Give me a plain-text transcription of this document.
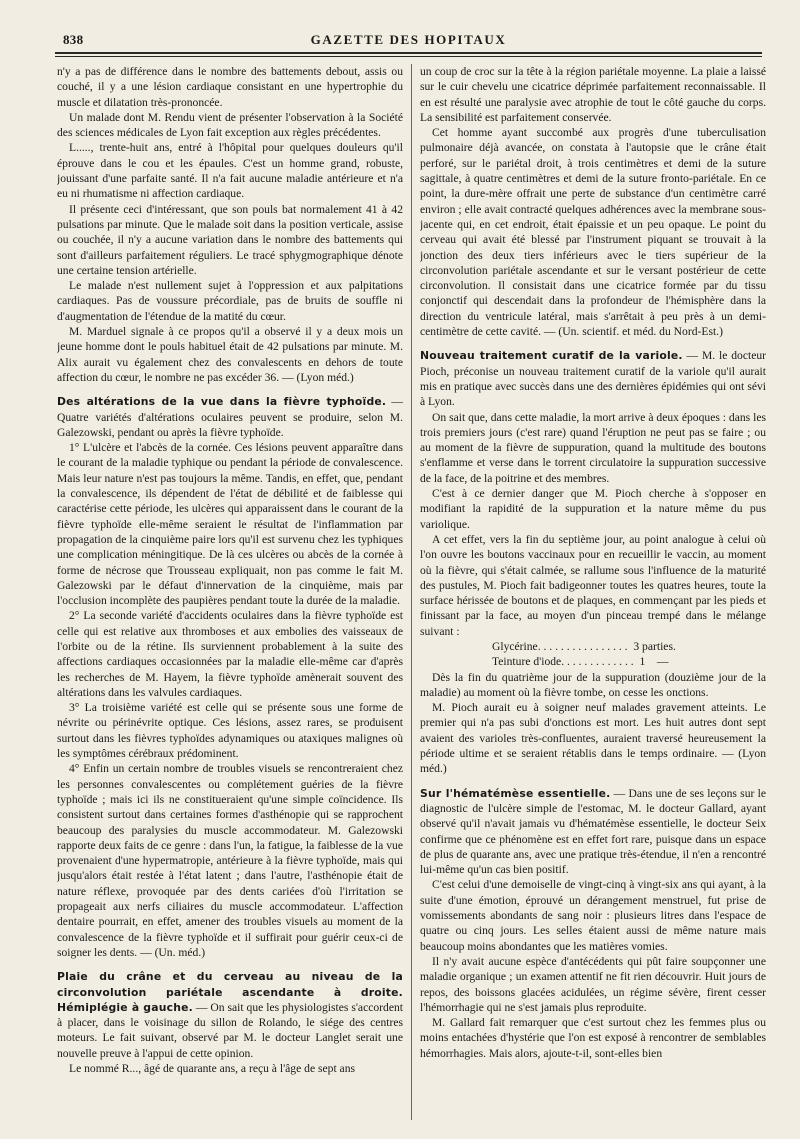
838	GAZETTE DES HOPITAUX

n'y a pas de différence dans le nombre des battements debout, assis ou couché, il y a une lésion cardiaque consistant en une hypertrophie du muscle et dilatation très-prononcée.

Un malade dont M. Rendu vient de présenter l'observation à la Société des sciences médicales de Lyon fait exception aux règles précédentes.

L....., trente-huit ans, entré à l'hôpital pour quelques douleurs qu'il éprouve dans le cou et les épaules. C'est un homme grand, robuste, jouissant d'une parfaite santé. Il n'a fait aucune maladie antérieure et n'a eu ni rhumatisme ni affection cardiaque.

Il présente ceci d'intéressant, que son pouls bat normalement 41 à 42 pulsations par minute. Que le malade soit dans la position verticale, assise ou couchée, il n'y a aucune variation dans le nombre des battements qui sont d'ailleurs parfaitement réguliers. Le tracé sphygmographique dénote une certaine tension artérielle.

Le malade n'est nullement sujet à l'oppression et aux palpitations cardiaques. Pas de voussure précordiale, pas de bruits de souffle ni d'augmentation de l'étendue de la matité du cœur.

M. Marduel signale à ce propos qu'il a observé il y a deux mois un jeune homme dont le pouls habituel était de 42 pulsations par minute. M. Alix aurait vu également chez des convalescents en dehors de toute affection du cœur, le nombre ne pas excéder 36. — (Lyon méd.)

Des altérations de la vue dans la fièvre typhoïde. — Quatre variétés d'altérations oculaires peuvent se produire, selon M. Galezowski, pendant ou après la fièvre typhoïde.

1° L'ulcère et l'abcès de la cornée. Ces lésions peuvent apparaître dans le courant de la maladie typhique ou pendant la période de convalescence. Mais leur nature n'est pas toujours la même. Tandis, en effet, que, pendant la convalescence, ils dépendent de l'état de débilité et de faiblesse qui caractérise cette période, les ulcères qui apparaissent dans le courant de la fièvre typhoïde elle-même seraient le résultat de l'inflammation par propagation de la cinquième paire lors qu'il est survenu chez les typhiques une complication méningitique. De là ces ulcères ou abcès de la cornée à forme de nécrose que Trousseau expliquait, non pas comme le fait M. Galezowski par le défaut d'innervation de la cinquième, mais par l'occlusion incomplète des paupières pendant toute la durée de la maladie.

2° La seconde variété d'accidents oculaires dans la fièvre typhoïde est celle qui est relative aux thromboses et aux embolies des vaisseaux de l'orbite ou de la rétine. Ils surviennent probablement à la suite des affections cardiaques occasionnées par la maladie elle-même car d'après les recherches de M. Hayem, la fièvre typhoïde amènerait souvent des altérations dans les valvules cardiaques.

3° La troisième variété est celle qui se présente sous une forme de névrite ou périnévrite optique. Ces lésions, assez rares, se produisent surtout dans les fièvres typhoïdes adynamiques ou ataxiques malignes où les symptômes cérébraux prédominent.

4° Enfin un certain nombre de troubles visuels se rencontreraient chez les personnes convalescentes ou complétement guéries de la fièvre typhoïde ; mais ici ils ne constitueraient qu'une simple coïncidence. Ils consistent surtout dans certaines formes d'asthénopie qui se rapprochent beaucoup des paralysies du muscle accommodateur. M. Galezowski rapporte deux faits de ce genre : dans l'un, la fatigue, la faiblesse de la vue provenaient d'une hypermatropie, antérieure à la fièvre typhoïde, mais qui jusqu'alors était restée à l'état latent ; dans l'autre, l'asthénopie était de nature réflexe, provoquée par des dents cariées d'où l'irritation se propageait aux nerfs ciliaires du muscle accommodateur. L'affection dentaire pourrait, en effet, amener des troubles visuels au moment de la convalescence de la fièvre typhoïde et il suffirait pour guérir ceux-ci de soigner les dents. — (Un. méd.)

Plaie du crâne et du cerveau au niveau de la circonvolution pariétale ascendante à droite. Hémiplégie à gauche. — On sait que les physiologistes s'accordent à placer, dans le voisinage du sillon de Rolando, le siége des centres moteurs. Le fait suivant, observé par M. le docteur Langlet serait une nouvelle preuve à l'appui de cette opinion.

Le nommé R..., âgé de quarante ans, a reçu à l'âge de sept ans

un coup de croc sur la tête à la région pariétale moyenne. La plaie a laissé sur le cuir chevelu une cicatrice déprimée parfaitement reconnaissable. Il en est résulté une paralysie avec atrophie de tout le côté gauche du corps. La sensibilité est parfaitement conservée.

Cet homme ayant succombé aux progrès d'une tuberculisation pulmonaire déjà avancée, on constata à l'autopsie que le crâne était perforé, sur le pariétal droit, à trois centimètres et demi de la suture sagittale, à quatre centimètres et demi de la suture fronto-pariétale. En ce point, la dure-mère offrait une perte de substance d'un centimètre carré environ ; elle avait contracté quelques adhérences avec la membrane sous-jacente qui, en cet endroit, était épaissie et un peu opaque. Le point du cerveau qui avait été blessé par l'instrument piquant se trouvait à la jonction des deux tiers inférieurs avec le tiers supérieur de la circonvolution pariétale ascendante et sur le versant postérieur de cette circonvolution. Il consistait dans une cicatrice formée par du tissu conjonctif qui descendait dans la profondeur de l'hémisphère dans la direction du ventricule latéral, mais s'arrêtait à peu près à un demi-centimètre de cette cavité. — (Un. scientif. et méd. du Nord-Est.)

Nouveau traitement curatif de la variole. — M. le docteur Pioch, préconise un nouveau traitement curatif de la variole qu'il aurait mis en pratique avec succès dans une des dernières épidémies qui ont sévi à Lyon.

On sait que, dans cette maladie, la mort arrive à deux époques : dans les trois premiers jours (c'est rare) quand l'éruption ne peut pas se faire ; ou au moment de la fièvre de suppuration, quand la multitude des boutons s'enflamme et verse dans le torrent circulatoire la suppuration successive de la face, de la poitrine et des membres.

C'est à ce dernier danger que M. Pioch cherche à s'opposer en modifiant la rapidité de la suppuration et la nature même du pus variolique.

A cet effet, vers la fin du septième jour, au point analogue à celui où l'on ouvre les boutons vaccinaux pour en recueillir le vaccin, au moment où la fièvre, qui s'était calmée, se rallume sous l'influence de la maturité des pustules, M. Pioch fait badigeonner toutes les quatres heures, toute la surface hérissée de boutons et de plaques, en commençant par les pieds et finissant par la face, au moyen d'un pinceau trempé dans le mélange suivant :

Glycérine. . . . . . . . . . . . . . . .  3 parties.

Teinture d'iode. . . . . . . . . . . . .  1    —

Dès la fin du quatrième jour de la suppuration (douzième jour de la maladie) au moment où la fièvre tombe, on cesse les onctions.

M. Pioch aurait eu à soigner neuf malades gravement atteints. Le premier qui n'a pas subi d'onctions est mort. Les huit autres dont sept avaient des varioles très-confluentes, auraient traversé heureusement la période ultime et se seraient rétablis dans le temps ordinaire. — (Lyon méd.)

Sur l'hématémèse essentielle. — Dans une de ses leçons sur le diagnostic de l'ulcère simple de l'estomac, M. le docteur Gallard, ayant observé qu'il n'avait jamais vu d'hématémèse essentielle, le docteur Seix confirme que ce phénomène est en effet fort rare, puisque dans un espace de plus de quarante ans, avec une pratique très-étendue, il n'en a rencontré lui-même qu'un cas bien positif.

C'est celui d'une demoiselle de vingt-cinq à vingt-six ans qui ayant, à la suite d'une émotion, éprouvé un dérangement menstruel, fut prise de vomissements abondants de sang noir : plusieurs litres dans l'espace de quatre ou cinq jours. Les selles étaient aussi de même nature mais beaucoup moins abondantes que les matières vomies.

Il n'y avait aucune espèce d'antécédents qui pût faire soupçonner une maladie organique ; un examen attentif ne fit rien découvrir. Huit jours de repos, des boissons glacées acidulées, un régime sévère, firent cesser l'hémorrhagie qui ne s'est jamais plus reproduite.

M. Gallard fait remarquer que c'est surtout chez les femmes plus ou moins entachées d'hystérie que l'on est exposé à rencontrer de semblables hémorrhagies. Mais alors, ajoute-t-il, sont-elles bien
